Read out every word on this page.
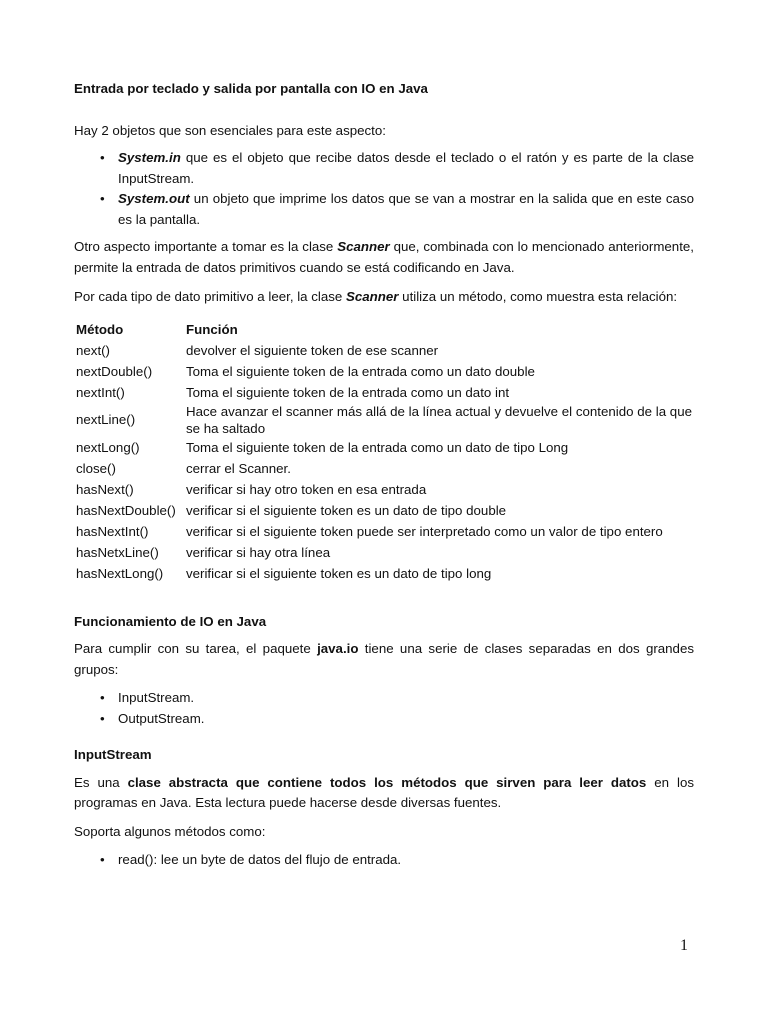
Entrada por teclado y salida por pantalla con IO en Java

Hay 2 objetos que son esenciales para este aspecto:

• System.in que es el objeto que recibe datos desde el teclado o el ratón y es parte de la clase InputStream.
• System.out un objeto que imprime los datos que se van a mostrar en la salida que en este caso es la pantalla.

Otro aspecto importante a tomar es la clase Scanner que, combinada con lo mencionado anteriormente, permite la entrada de datos primitivos cuando se está codificando en Java.

Por cada tipo de dato primitivo a leer, la clase Scanner utiliza un método, como muestra esta relación:

Método	Función
next()	devolver el siguiente token de ese scanner
nextDouble()	Toma el siguiente token de la entrada como un dato double
nextInt()	Toma el siguiente token de la entrada como un dato int
nextLine()	Hace avanzar el scanner más allá de la línea actual y devuelve el contenido de la que se ha saltado
nextLong()	Toma el siguiente token de la entrada como un dato de tipo Long
close()	cerrar el Scanner.
hasNext()	verificar si hay otro token en esa entrada
hasNextDouble()	verificar si el siguiente token es un dato de tipo double
hasNextInt()	verificar si el siguiente token puede ser interpretado como un valor de tipo entero
hasNetxLine()	verificar si hay otra línea
hasNextLong()	verificar si el siguiente token es un dato de tipo long
Funcionamiento de IO en Java

Para cumplir con su tarea, el paquete java.io tiene una serie de clases separadas en dos grandes grupos:

• InputStream.
• OutputStream.
InputStream

Es una clase abstracta que contiene todos los métodos que sirven para leer datos en los programas en Java. Esta lectura puede hacerse desde diversas fuentes.

Soporta algunos métodos como:

• read(): lee un byte de datos del flujo de entrada.
1
